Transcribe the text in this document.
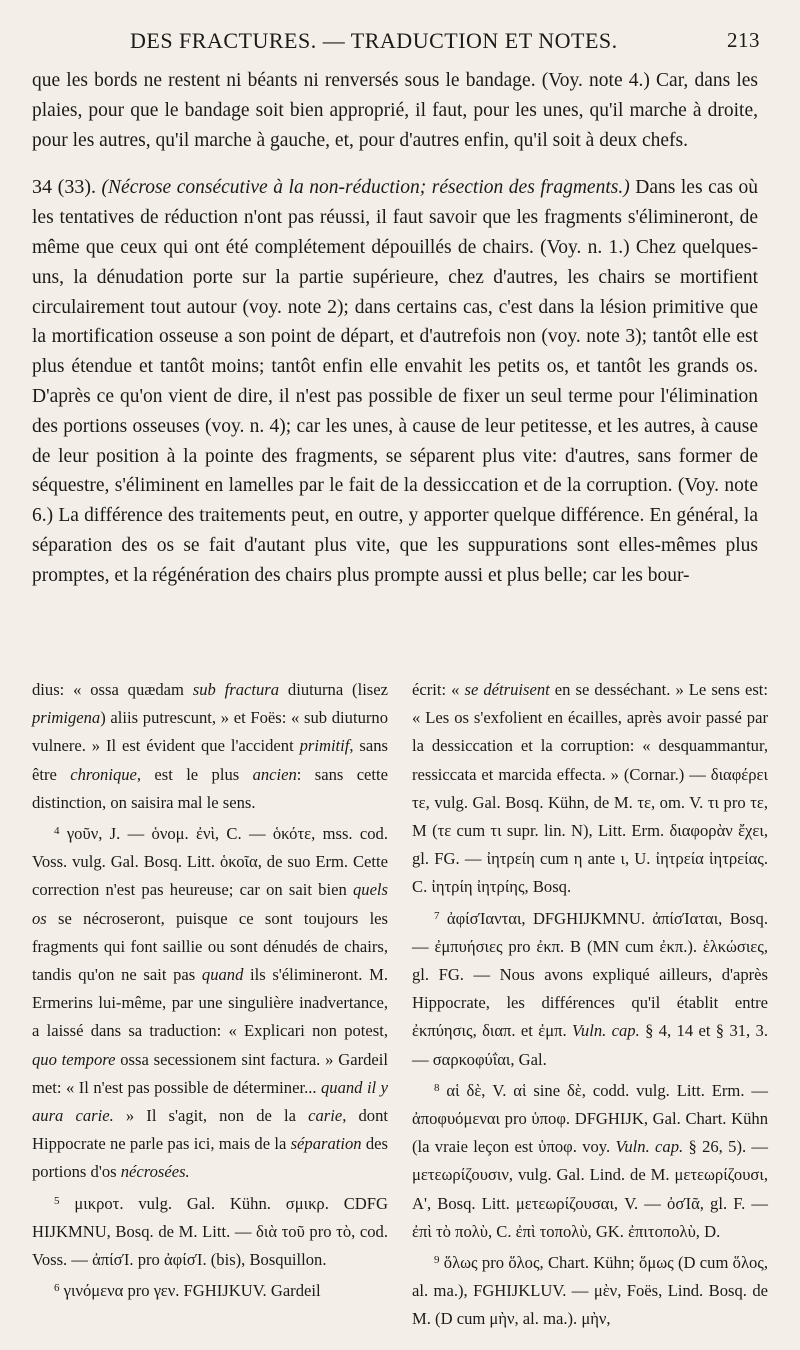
DES FRACTURES. — TRADUCTION ET NOTES.	213

que les bords ne restent ni béants ni renversés sous le bandage. (Voy. note 4.) Car, dans les plaies, pour que le bandage soit bien approprié, il faut, pour les unes, qu'il marche à droite, pour les autres, qu'il marche à gauche, et, pour d'autres enfin, qu'il soit à deux chefs.

34 (33). (Nécrose consécutive à la non-réduction; résection des fragments.) Dans les cas où les tentatives de réduction n'ont pas réussi, il faut savoir que les fragments s'élimineront, de même que ceux qui ont été complétement dépouillés de chairs. (Voy. n. 1.) Chez quelques-uns, la dénudation porte sur la partie supérieure, chez d'autres, les chairs se mortifient circulairement tout autour (voy. note 2); dans certains cas, c'est dans la lésion primitive que la mortification osseuse a son point de départ, et d'autrefois non (voy. note 3); tantôt elle est plus étendue et tantôt moins; tantôt enfin elle envahit les petits os, et tantôt les grands os. D'après ce qu'on vient de dire, il n'est pas possible de fixer un seul terme pour l'élimination des portions osseuses (voy. n. 4); car les unes, à cause de leur petitesse, et les autres, à cause de leur position à la pointe des fragments, se séparent plus vite: d'autres, sans former de séquestre, s'éliminent en lamelles par le fait de la dessiccation et de la corruption. (Voy. note 6.) La différence des traitements peut, en outre, y apporter quelque différence. En général, la séparation des os se fait d'autant plus vite, que les suppurations sont elles-mêmes plus promptes, et la régénération des chairs plus prompte aussi et plus belle; car les bour-

dius: « ossa quædam sub fractura diuturna (lisez primigena) aliis putrescunt, » et Foës: « sub diuturno vulnere. » Il est évident que l'accident primitif, sans être chronique, est le plus ancien: sans cette distinction, on saisira mal le sens.

$^4$ γοῦν, J. — ὁνομ. ἐνὶ, C. — ὁκότε, mss. cod. Voss. vulg. Gal. Bosq. Litt. ὁκοῖα, de suo Erm. Cette correction n'est pas heureuse; car on sait bien quels os se nécroseront, puisque ce sont toujours les fragments qui font saillie ou sont dénudés de chairs, tandis qu'on ne sait pas quand ils s'élimineront. M. Ermerins lui-même, par une singulière inadvertance, a laissé dans sa traduction: « Explicari non potest, quo tempore ossa secessionem sint factura. » Gardeil met: « Il n'est pas possible de déterminer... quand il y aura carie. » Il s'agit, non de la carie, dont Hippocrate ne parle pas ici, mais de la séparation des portions d'os nécrosées.

$^5$ μικροτ. vulg. Gal. Kühn. σμικρ. CDFG HIJKMNU, Bosq. de M. Litt. — διὰ τοῦ pro τὸ, cod. Voss. — ἀπίσΊ. pro ἀφίσΊ. (bis), Bosquillon.

$^6$ γινόμενα pro γεν. FGHIJKUV. Gardeil

écrit: « se détruisent en se desséchant. » Le sens est: « Les os s'exfolient en écailles, après avoir passé par la dessiccation et la corruption: « desquammantur, ressiccata et marcida effecta. » (Cornar.) — διαφέρει τε, vulg. Gal. Bosq. Kühn, de M. τε, om. V. τι pro τε, M (τε cum τι supr. lin. N), Litt. Erm. διαφορὰν ἔχει, gl. FG. — ἰητρείη cum η ante ι, U. ἰητρεία ἰητρείας. C. ἰητρίη ἰητρίης, Bosq.

$^7$ ἀφίσΊανται, DFGHIJKMNU. ἀπίσΊαται, Bosq. — ἐμπυήσιες pro ἐκπ. B (MN cum ἐκπ.). ἑλκώσιες, gl. FG. — Nous avons expliqué ailleurs, d'après Hippocrate, les différences qu'il établit entre ἐκπύησις, διαπ. et ἐμπ. Vuln. cap. § 4, 14 et § 31, 3. — σαρκοφύΐαι, Gal.

$^8$ αἱ δὲ, V. αἱ sine δὲ, codd. vulg. Litt. Erm. — ἀποφυόμεναι pro ὑποφ. DFGHIJK, Gal. Chart. Kühn (la vraie leçon est ὑποφ. voy. Vuln. cap. § 26, 5). — μετεωρίζουσιν, vulg. Gal. Lind. de M. μετεωρίζουσι, A', Bosq. Litt. μετεωρίζουσαι, V. — ὀσΊᾶ, gl. F. — ἐπὶ τὸ πολὺ, C. ἐπὶ τοπολὺ, GK. ἐπιτοπολὺ, D.

$^9$ ὅλως pro ὅλος, Chart. Kühn; ὅμως (D cum ὅλος, al. ma.), FGHIJKLUV. — μὲν, Foës, Lind. Bosq. de M. (D cum μὴν, al. ma.). μὴν,
